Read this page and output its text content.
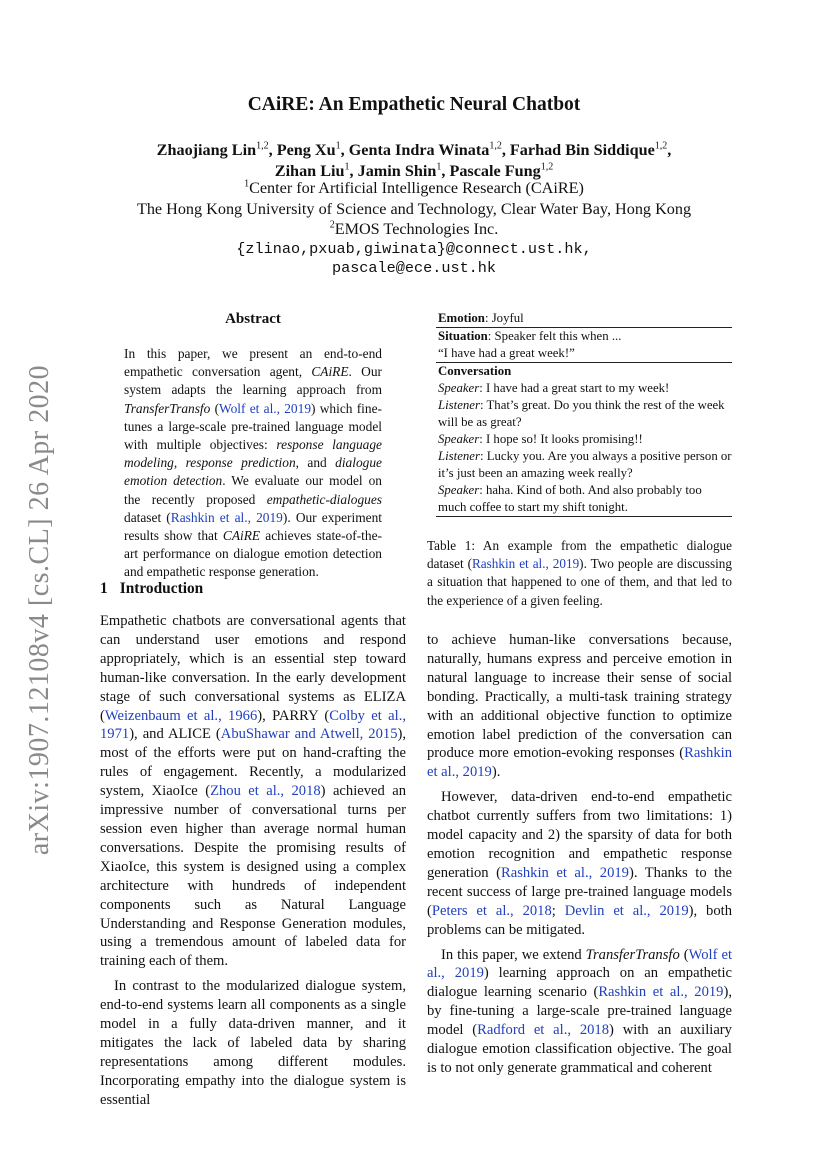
arXiv:1907.12108v4 [cs.CL] 26 Apr 2020
CAiRE: An Empathetic Neural Chatbot
Zhaojiang Lin$^{1,2}$, Peng Xu$^1$, Genta Indra Winata$^{1,2}$, Farhad Bin Siddique$^{1,2}$,
Zihan Liu$^1$, Jamin Shin$^1$, Pascale Fung$^{1,2}$
$^1$Center for Artificial Intelligence Research (CAiRE)
The Hong Kong University of Science and Technology, Clear Water Bay, Hong Kong
$^2$EMOS Technologies Inc.
{zlinao,pxuab,giwinata}@connect.ust.hk,
pascale@ece.ust.hk
Abstract
In this paper, we present an end-to-end empathetic conversation agent, CAiRE. Our system adapts the learning approach from TransferTransfo (Wolf et al., 2019) which fine-tunes a large-scale pre-trained language model with multiple objectives: response language modeling, response prediction, and dialogue emotion detection. We evaluate our model on the recently proposed empathetic-dialogues dataset (Rashkin et al., 2019). Our experiment results show that CAiRE achieves state-of-the-art performance on dialogue emotion detection and empathetic response generation.
Emotion: Joyful
Situation: Speaker felt this when ...
“I have had a great week!”
Conversation
Speaker: I have had a great start to my week!
Listener: That’s great. Do you think the rest of the week will be as great?
Speaker: I hope so! It looks promising!!
Listener: Lucky you. Are you always a positive person or it’s just been an amazing week really?
Speaker: haha. Kind of both. And also probably too much coffee to start my shift tonight.
Table 1: An example from the empathetic dialogue dataset (Rashkin et al., 2019). Two people are discussing a situation that happened to one of them, and that led to the experience of a given feeling.
1 Introduction

Empathetic chatbots are conversational agents that can understand user emotions and respond appropriately, which is an essential step toward human-like conversation. In the early development stage of such conversational systems as ELIZA (Weizenbaum et al., 1966), PARRY (Colby et al., 1971), and ALICE (AbuShawar and Atwell, 2015), most of the efforts were put on hand-crafting the rules of engagement. Recently, a modularized system, XiaoIce (Zhou et al., 2018) achieved an impressive number of conversational turns per session even higher than average normal human conversations. Despite the promising results of XiaoIce, this system is designed using a complex architecture with hundreds of independent components such as Natural Language Understanding and Response Generation modules, using a tremendous amount of labeled data for training each of them.

In contrast to the modularized dialogue system, end-to-end systems learn all components as a single model in a fully data-driven manner, and it mitigates the lack of labeled data by sharing representations among different modules. Incorporating empathy into the dialogue system is essential

to achieve human-like conversations because, naturally, humans express and perceive emotion in natural language to increase their sense of social bonding. Practically, a multi-task training strategy with an additional objective function to optimize emotion label prediction of the conversation can produce more emotion-evoking responses (Rashkin et al., 2019).

However, data-driven end-to-end empathetic chatbot currently suffers from two limitations: 1) model capacity and 2) the sparsity of data for both emotion recognition and empathetic response generation (Rashkin et al., 2019). Thanks to the recent success of large pre-trained language models (Peters et al., 2018; Devlin et al., 2019), both problems can be mitigated.

In this paper, we extend TransferTransfo (Wolf et al., 2019) learning approach on an empathetic dialogue learning scenario (Rashkin et al., 2019), by fine-tuning a large-scale pre-trained language model (Radford et al., 2018) with an auxiliary dialogue emotion classification objective. The goal is to not only generate grammatical and coherent
